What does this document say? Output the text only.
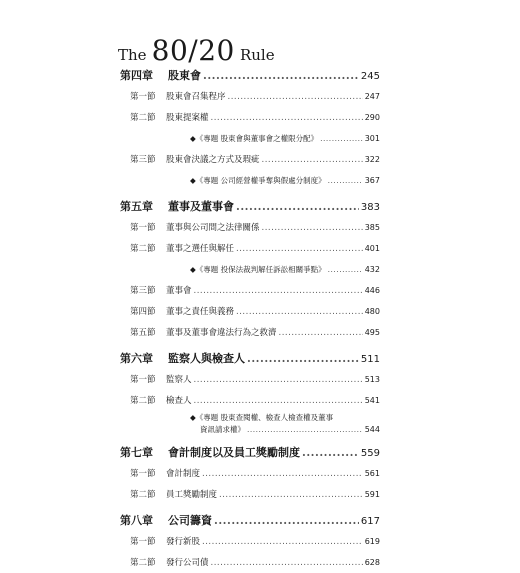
The 80/20 Rule
第四章	股東會 .....	245
第一節	股東會召集程序 .....	247
第二節	股東提案權 .....	290
◆《專題 股東會與董事會之權限分配》 .....	301
第三節	股東會決議之方式及瑕疵 .....	322
◆《專題 公司經營權爭奪與假處分制度》 .....	367
第五章	董事及董事會 .....	383
第一節	董事與公司間之法律關係 .....	385
第二節	董事之選任與解任 .....	401
◆《專題 投保法裁判解任訴訟相關爭點》 .....	432
第三節	董事會 .....	446
第四節	董事之責任與義務 .....	480
第五節	董事及董事會違法行為之救濟 .....	495
第六章	監察人與檢查人 .....	511
第一節	監察人 .....	513
第二節	檢查人 .....	541
◆《專題 股東查閱權、檢查人檢查權及董事
資訊請求權》 .....	544
第七章	會計制度以及員工獎勵制度 .....	559
第一節	會計制度 .....	561
第二節	員工獎勵制度 .....	591
第八章	公司籌資 .....	617
第一節	發行新股 .....	619
第二節	發行公司債 .....	628
